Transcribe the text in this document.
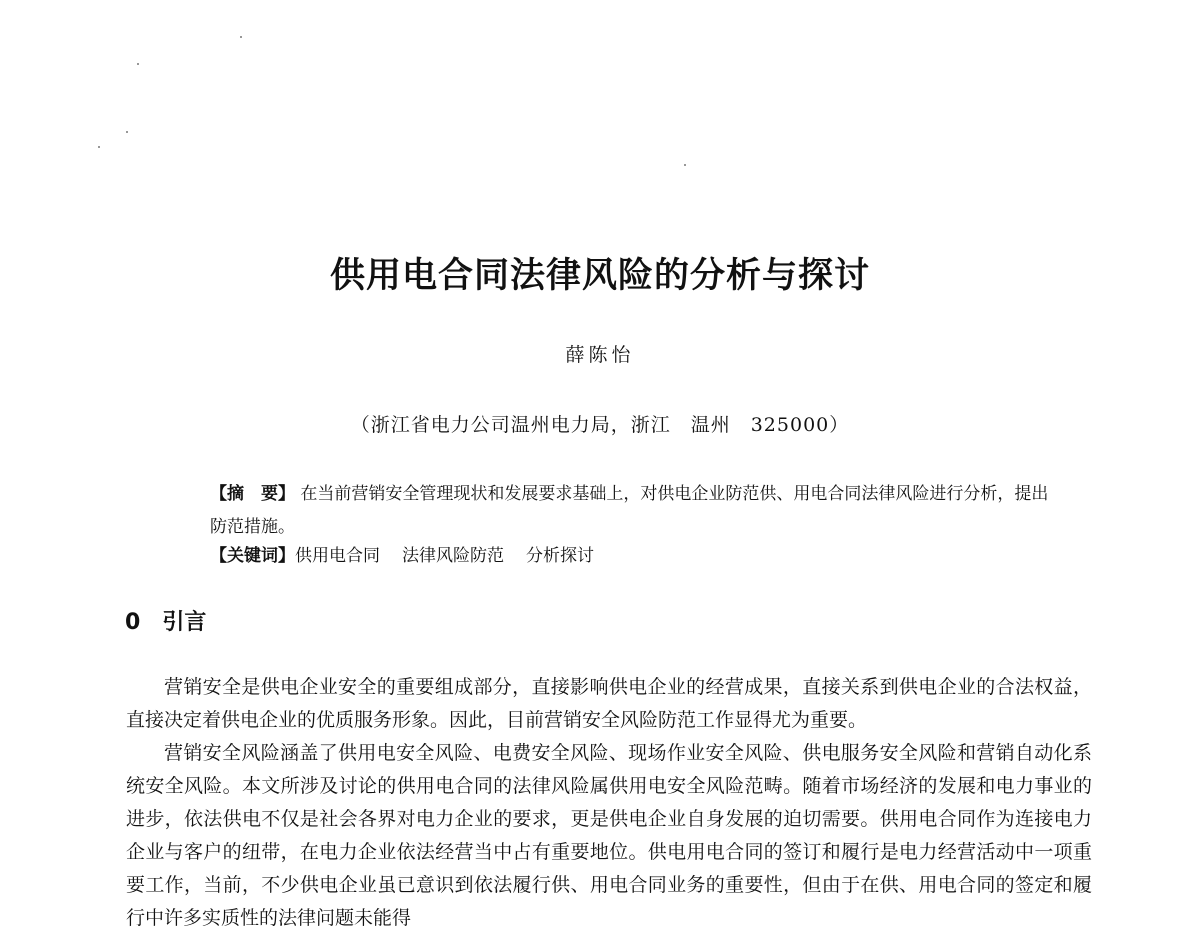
供用电合同法律风险的分析与探讨
薛陈怡
（浙江省电力公司温州电力局，浙江　温州　325000）

【摘　要】 在当前营销安全管理现状和发展要求基础上，对供电企业防范供、用电合同法律风险进行分析，提出防范措施。

【关键词】供用电合同 法律风险防范 分析探讨
0 引言

营销安全是供电企业安全的重要组成部分，直接影响供电企业的经营成果，直接关系到供电企业的合法权益，直接决定着供电企业的优质服务形象。因此，目前营销安全风险防范工作显得尤为重要。

营销安全风险涵盖了供用电安全风险、电费安全风险、现场作业安全风险、供电服务安全风险和营销自动化系统安全风险。本文所涉及讨论的供用电合同的法律风险属供用电安全风险范畴。随着市场经济的发展和电力事业的进步，依法供电不仅是社会各界对电力企业的要求，更是供电企业自身发展的迫切需要。供用电合同作为连接电力企业与客户的纽带，在电力企业依法经营当中占有重要地位。供电用电合同的签订和履行是电力经营活动中一项重要工作，当前，不少供电企业虽已意识到依法履行供、用电合同业务的重要性，但由于在供、用电合同的签定和履行中许多实质性的法律问题未能得
